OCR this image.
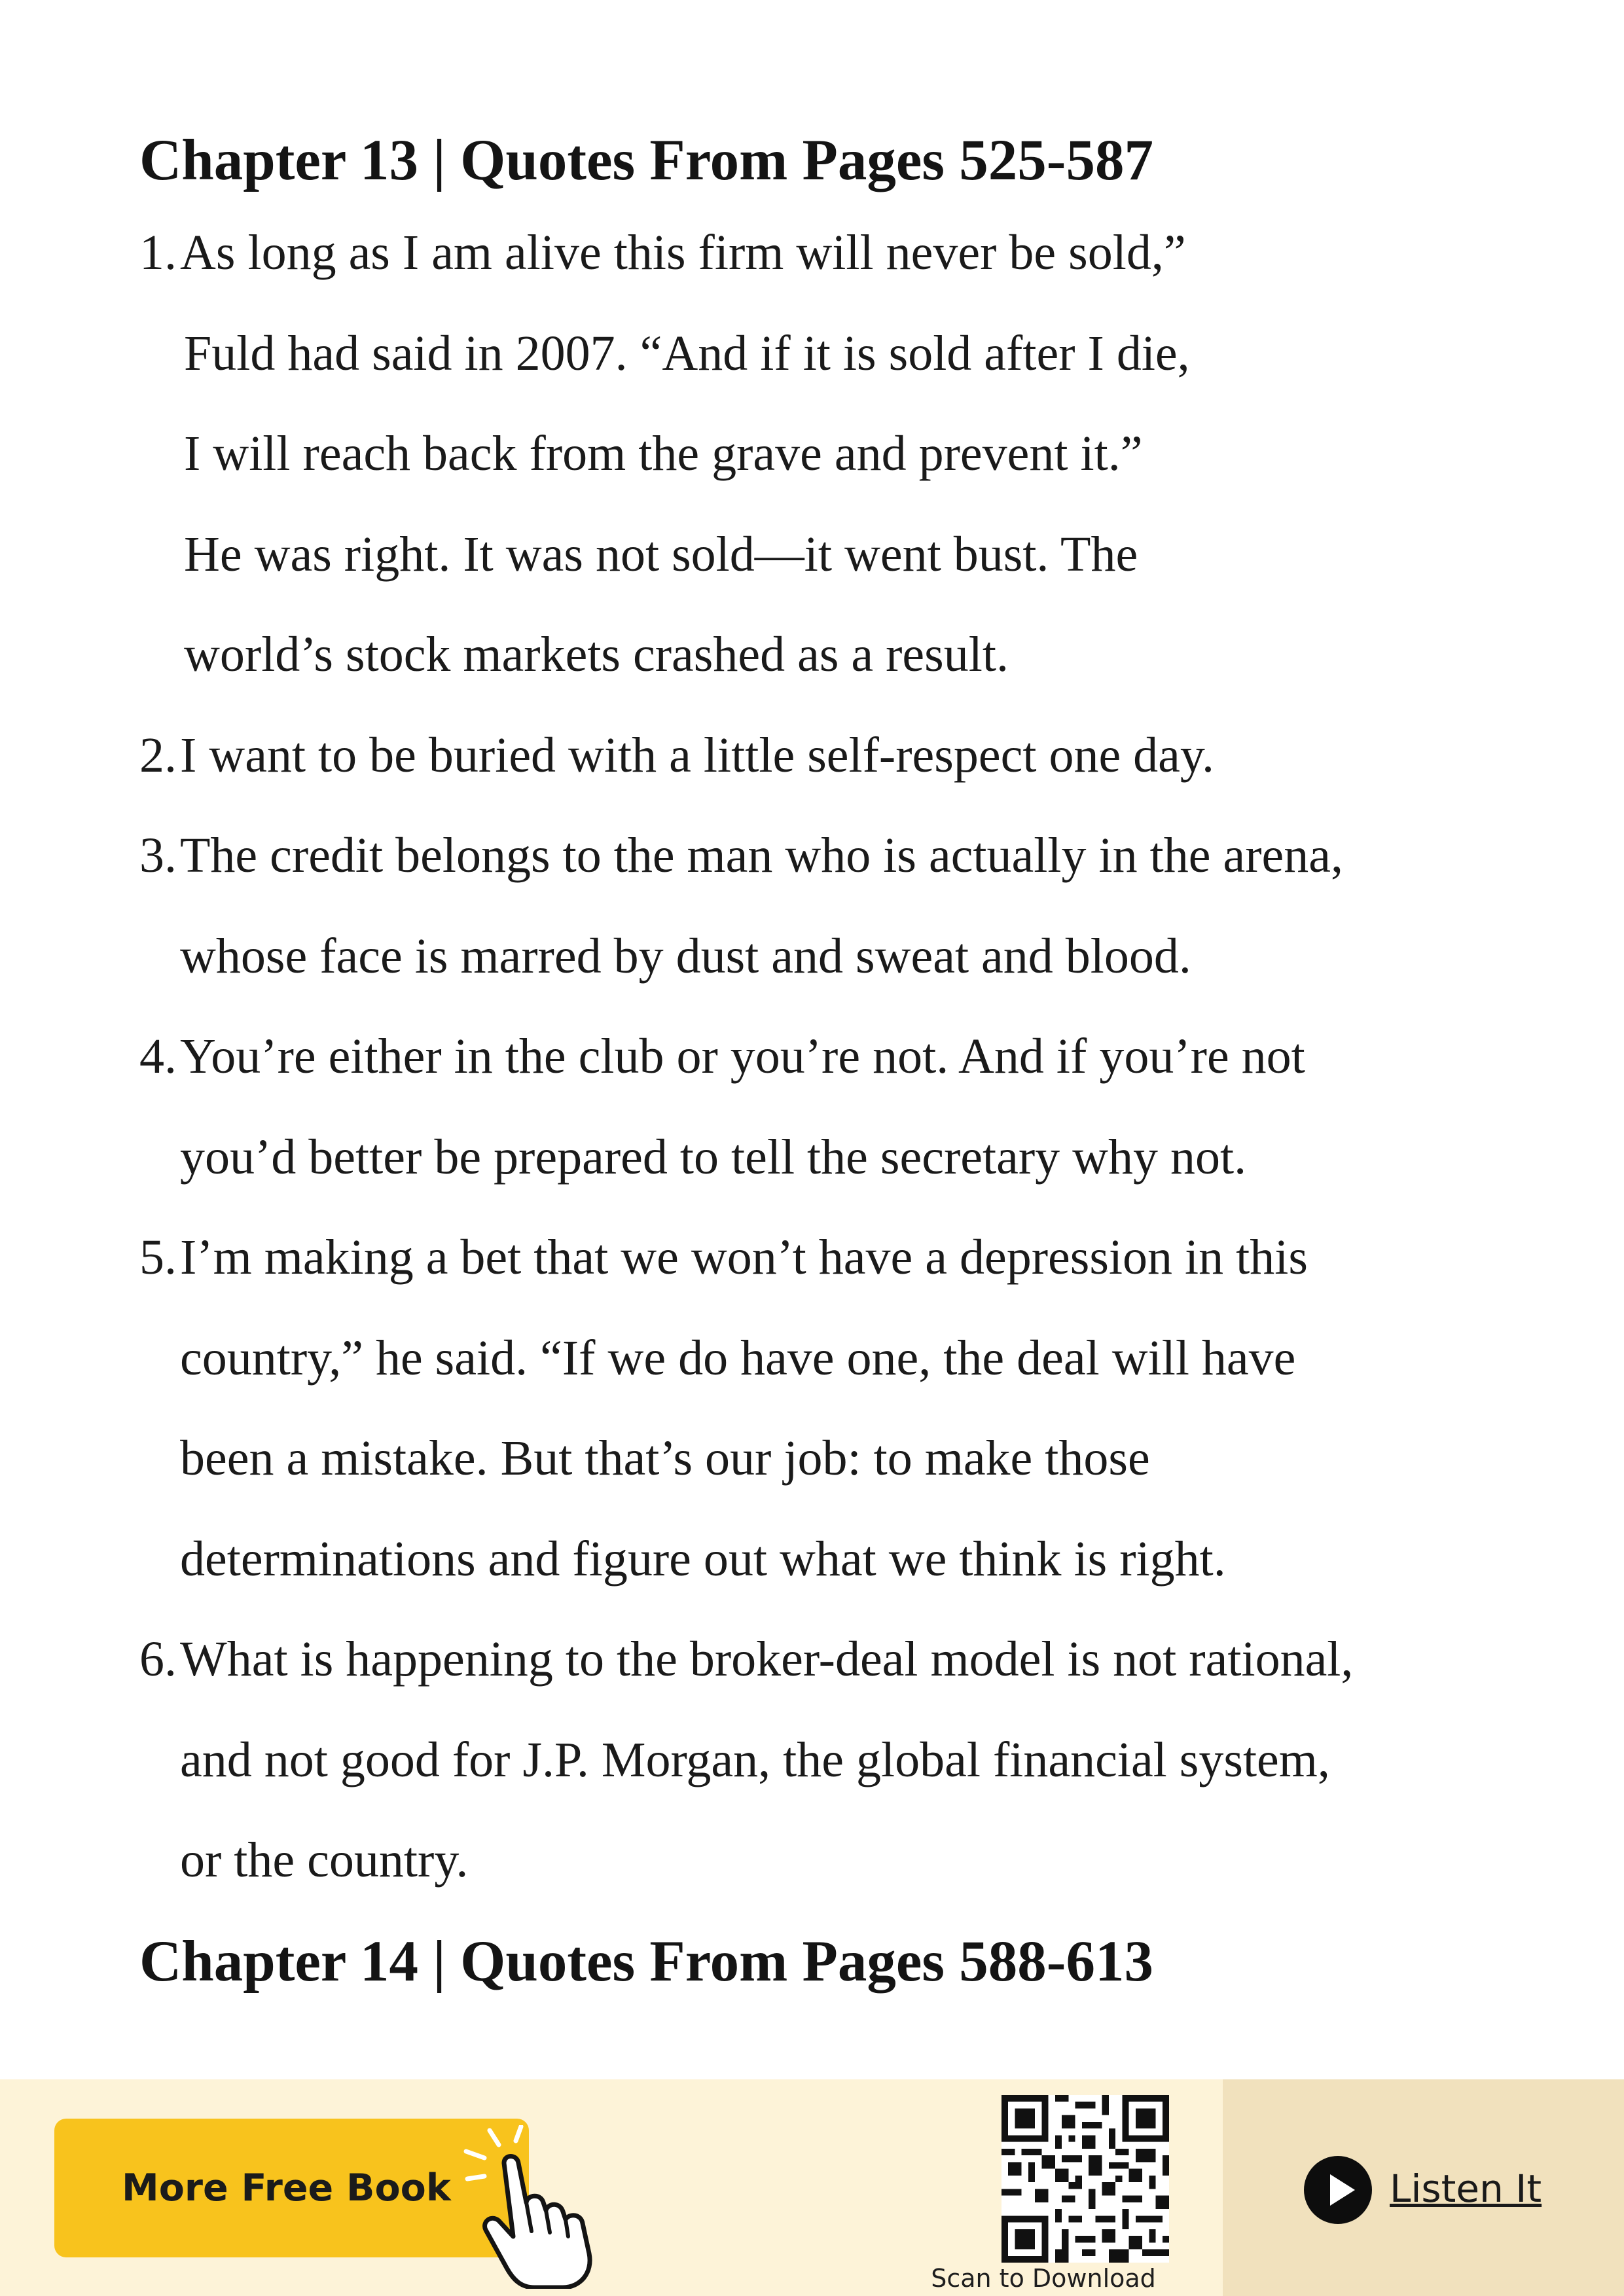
Chapter 13 | Quotes From Pages 525-587
1. As long as I am alive this firm will never be sold,”
Fuld had said in 2007. “And if it is sold after I die,
I will reach back from the grave and prevent it.”
He was right. It was not sold—it went bust. The
world’s stock markets crashed as a result.
2. I want to be buried with a little self-respect one day.
3. The credit belongs to the man who is actually in the arena,
whose face is marred by dust and sweat and blood.
4. You’re either in the club or you’re not. And if you’re not
you’d better be prepared to tell the secretary why not.
5. I’m making a bet that we won’t have a depression in this
country,” he said. “If we do have one, the deal will have
been a mistake. But that’s our job: to make those
determinations and figure out what we think is right.
6. What is happening to the broker-deal model is not rational,
and not good for J.P. Morgan, the global financial system,
or the country.
Chapter 14 | Quotes From Pages 588-613
More Free Book
Scan to Download
Listen It
